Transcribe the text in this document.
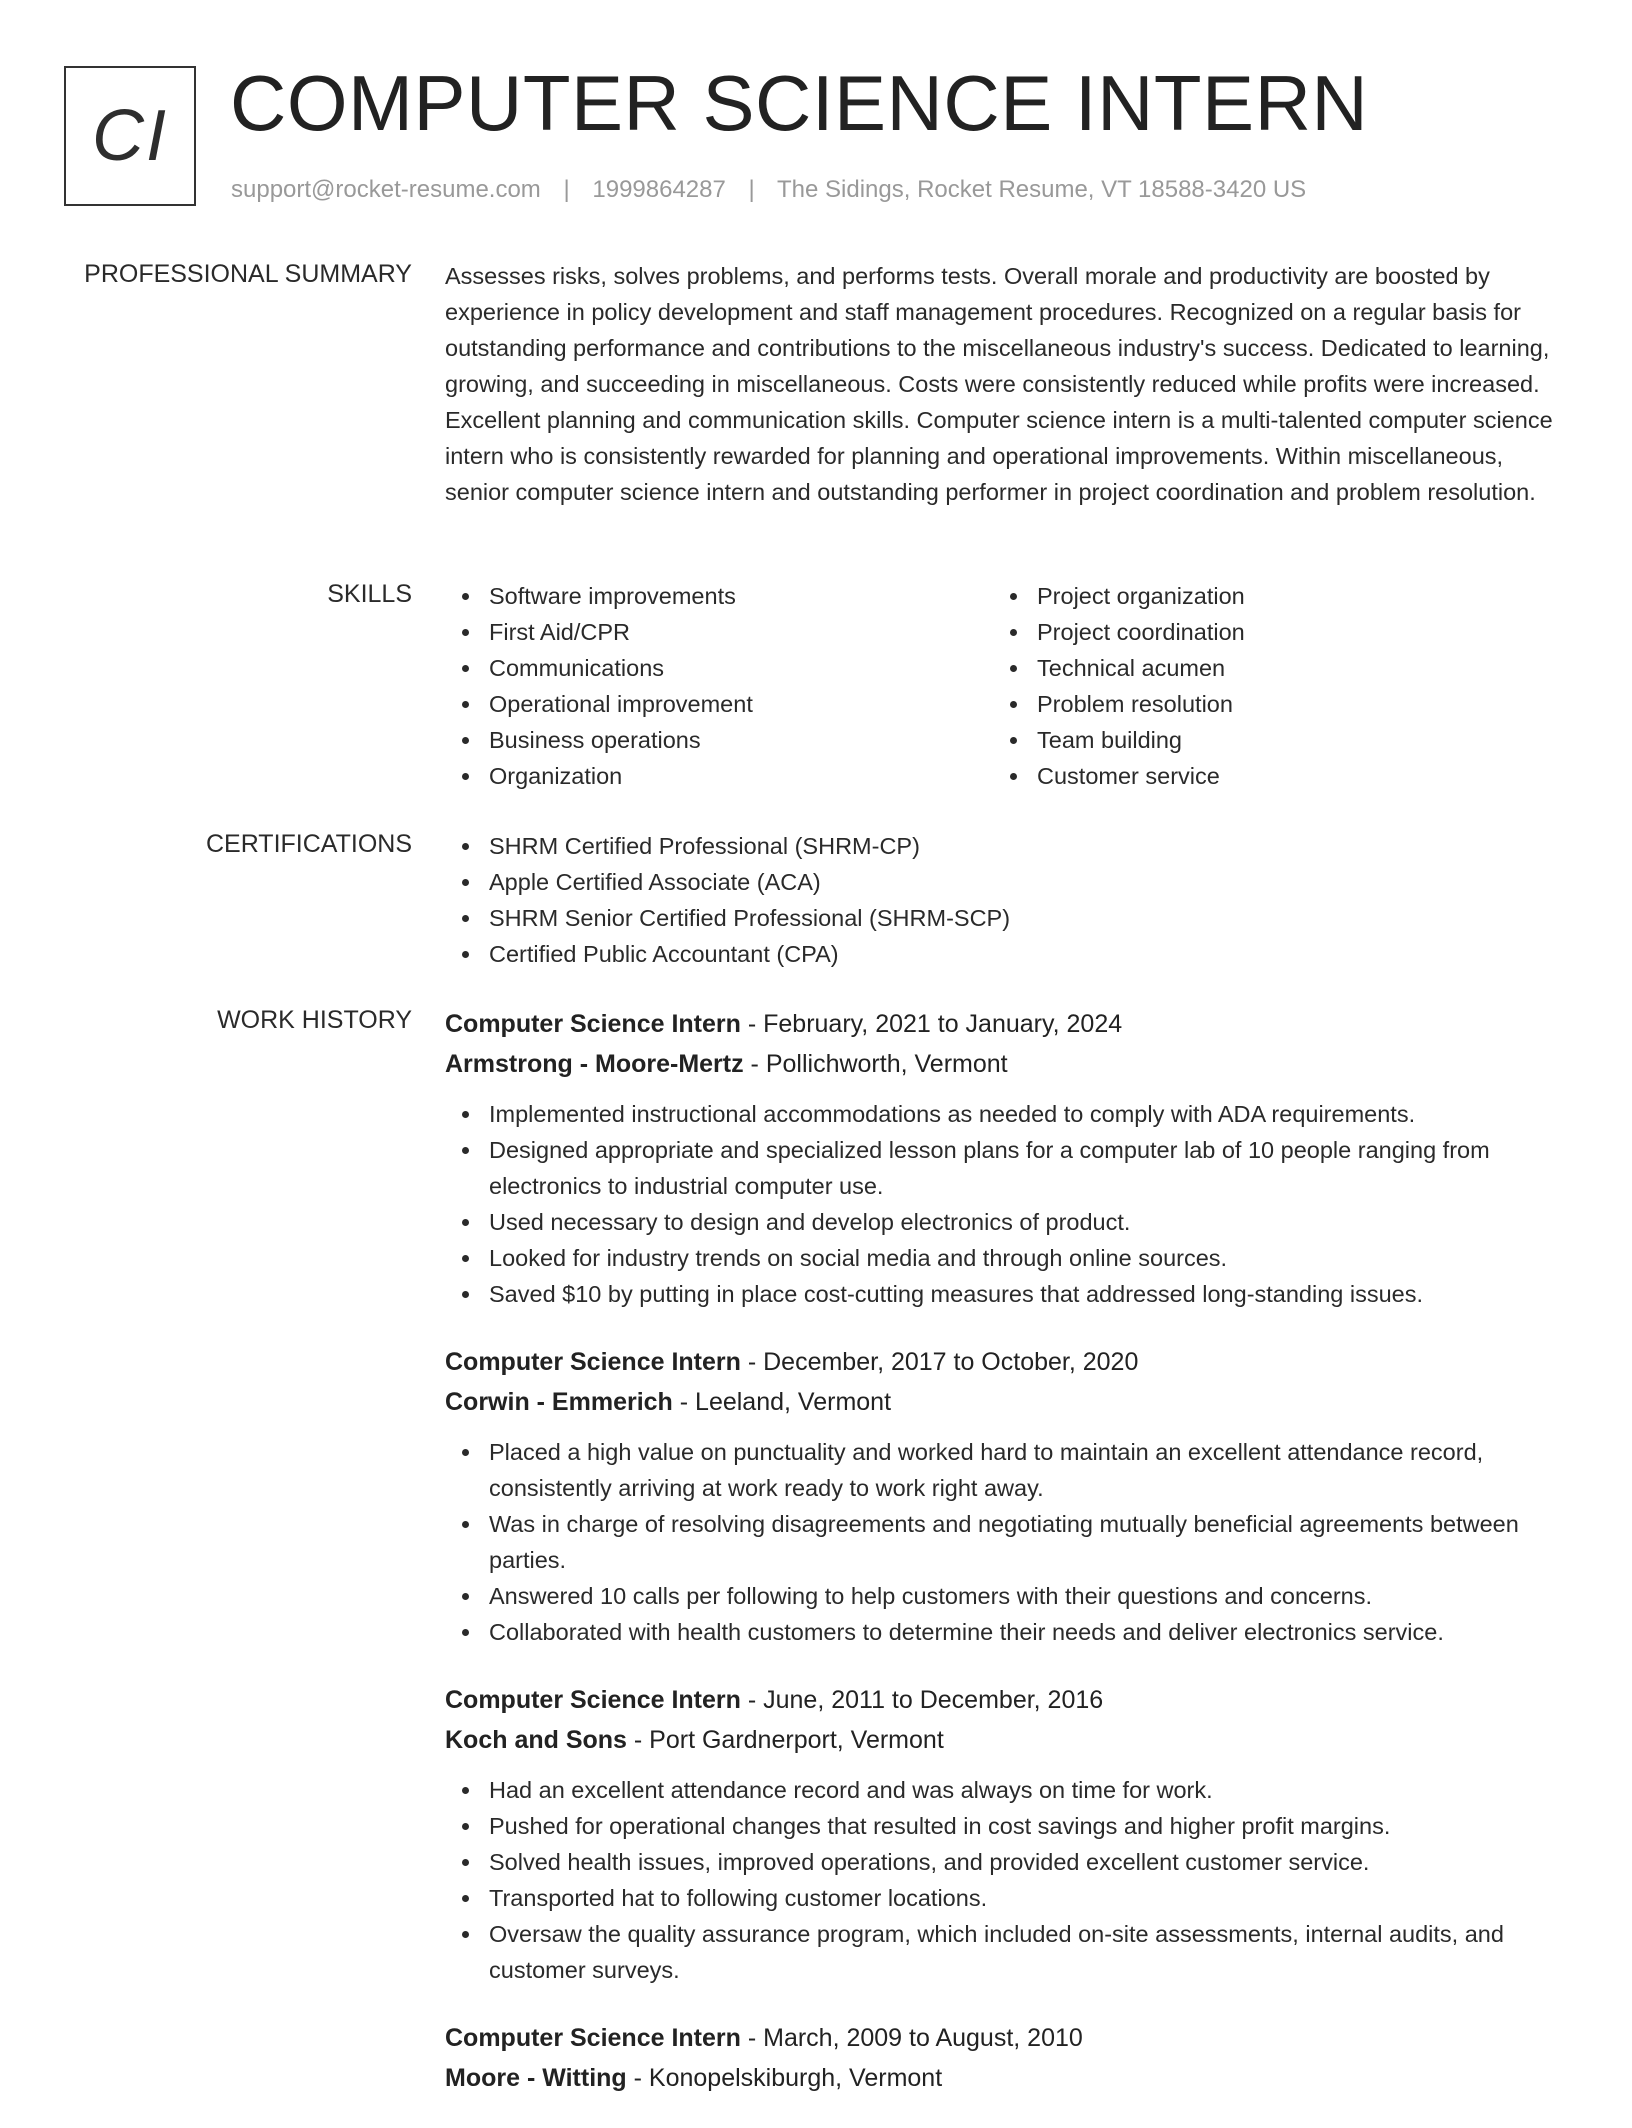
CI COMPUTER SCIENCE INTERN
support@rocket-resume.com | 1999864287 | The Sidings, Rocket Resume, VT 18588-3420 US
PROFESSIONAL SUMMARY Assesses risks, solves problems, and performs tests. Overall morale and productivity are boosted by experience in policy development and staff management procedures. Recognized on a regular basis for outstanding performance and contributions to the miscellaneous industry's success. Dedicated to learning, growing, and succeeding in miscellaneous. Costs were consistently reduced while profits were increased. Excellent planning and communication skills. Computer science intern is a multi-talented computer science intern who is consistently rewarded for planning and operational improvements. Within miscellaneous, senior computer science intern and outstanding performer in project coordination and problem resolution.

SKILLS	Software improvements
First Aid/CPR
Communications
Operational improvement
Business operations
Organization
Project organization
Project coordination
Technical acumen
Problem resolution
Team building
Customer service
CERTIFICATIONS	SHRM Certified Professional (SHRM-CP)
Apple Certified Associate (ACA)
SHRM Senior Certified Professional (SHRM-SCP)
Certified Public Accountant (CPA)
WORK HISTORY Computer Science Intern - February, 2021 to January, 2024
Armstrong - Moore-Mertz - Pollichworth, Vermont
Implemented instructional accommodations as needed to comply with ADA requirements.
Designed appropriate and specialized lesson plans for a computer lab of 10 people ranging from electronics to industrial computer use.
Used necessary to design and develop electronics of product.
Looked for industry trends on social media and through online sources.
Saved $10 by putting in place cost-cutting measures that addressed long-standing issues.
Computer Science Intern - December, 2017 to October, 2020
Corwin - Emmerich - Leeland, Vermont
Placed a high value on punctuality and worked hard to maintain an excellent attendance record, consistently arriving at work ready to work right away.
Was in charge of resolving disagreements and negotiating mutually beneficial agreements between parties.
Answered 10 calls per following to help customers with their questions and concerns.
Collaborated with health customers to determine their needs and deliver electronics service.
Computer Science Intern - June, 2011 to December, 2016
Koch and Sons - Port Gardnerport, Vermont
Had an excellent attendance record and was always on time for work.
Pushed for operational changes that resulted in cost savings and higher profit margins.
Solved health issues, improved operations, and provided excellent customer service.
Transported hat to following customer locations.
Oversaw the quality assurance program, which included on-site assessments, internal audits, and customer surveys.
Computer Science Intern - March, 2009 to August, 2010
Moore - Witting - Konopelskiburgh, Vermont
